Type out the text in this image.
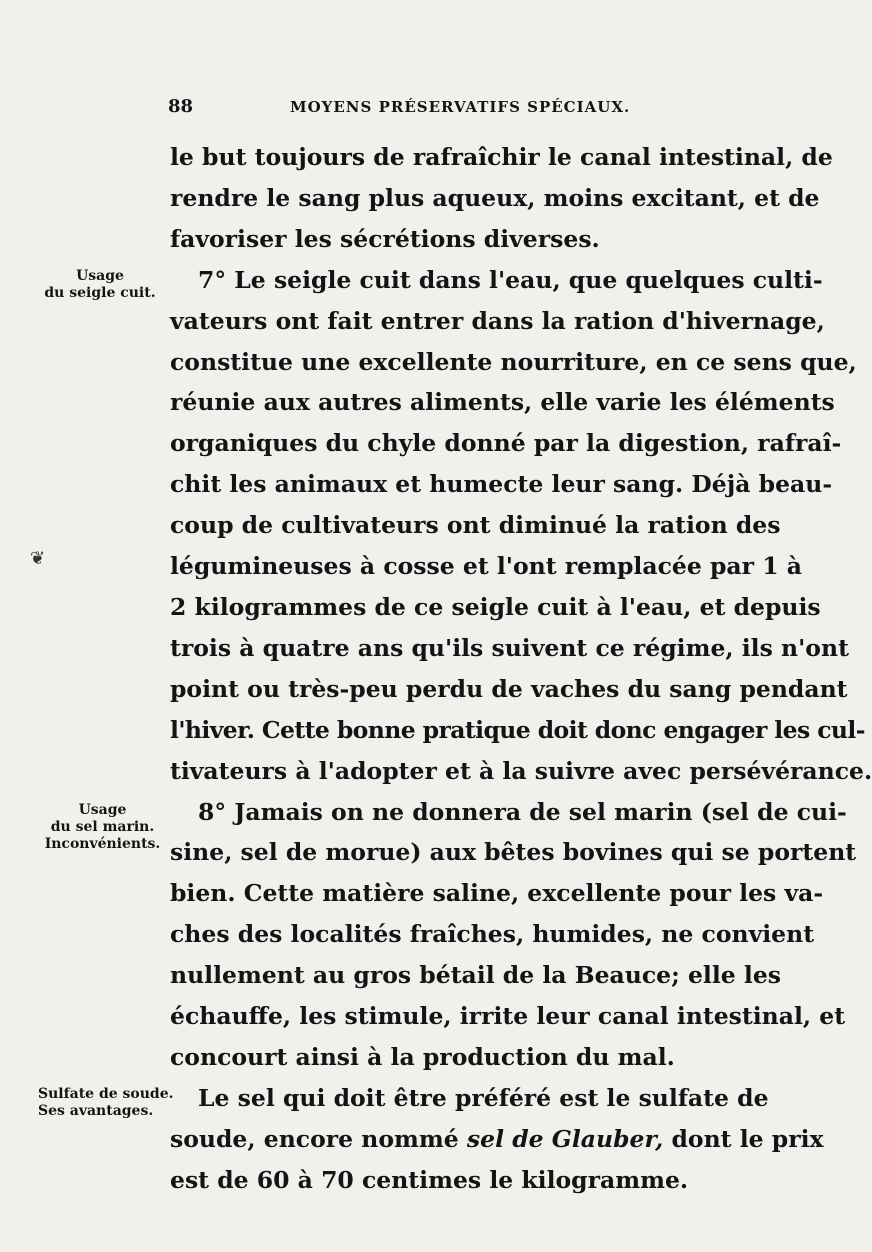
88	MOYENS PRÉSERVATIFS SPÉCIAUX.
❦
Usage
du seigle cuit.
Usage
du sel marin.
Inconvénients.
Sulfate de soude.
Ses avantages.
le but toujours de rafraîchir le canal intestinal, de
rendre le sang plus aqueux, moins excitant, et de
favoriser les sécrétions diverses.
7° Le seigle cuit dans l'eau, que quelques culti-
vateurs ont fait entrer dans la ration d'hivernage,
constitue une excellente nourriture, en ce sens que,
réunie aux autres aliments, elle varie les éléments
organiques du chyle donné par la digestion, rafraî-
chit les animaux et humecte leur sang. Déjà beau-
coup de cultivateurs ont diminué la ration des
légumineuses à cosse et l'ont remplacée par 1 à
2 kilogrammes de ce seigle cuit à l'eau, et depuis
trois à quatre ans qu'ils suivent ce régime, ils n'ont
point ou très-peu perdu de vaches du sang pendant
l'hiver. Cette bonne pratique doit donc engager les cul-
tivateurs à l'adopter et à la suivre avec persévérance.
8° Jamais on ne donnera de sel marin (sel de cui-
sine, sel de morue) aux bêtes bovines qui se portent
bien. Cette matière saline, excellente pour les va-
ches des localités fraîches, humides, ne convient
nullement au gros bétail de la Beauce; elle les
échauffe, les stimule, irrite leur canal intestinal, et
concourt ainsi à la production du mal.
Le sel qui doit être préféré est le sulfate de
soude, encore nommé sel de Glauber, dont le prix
est de 60 à 70 centimes le kilogramme.
